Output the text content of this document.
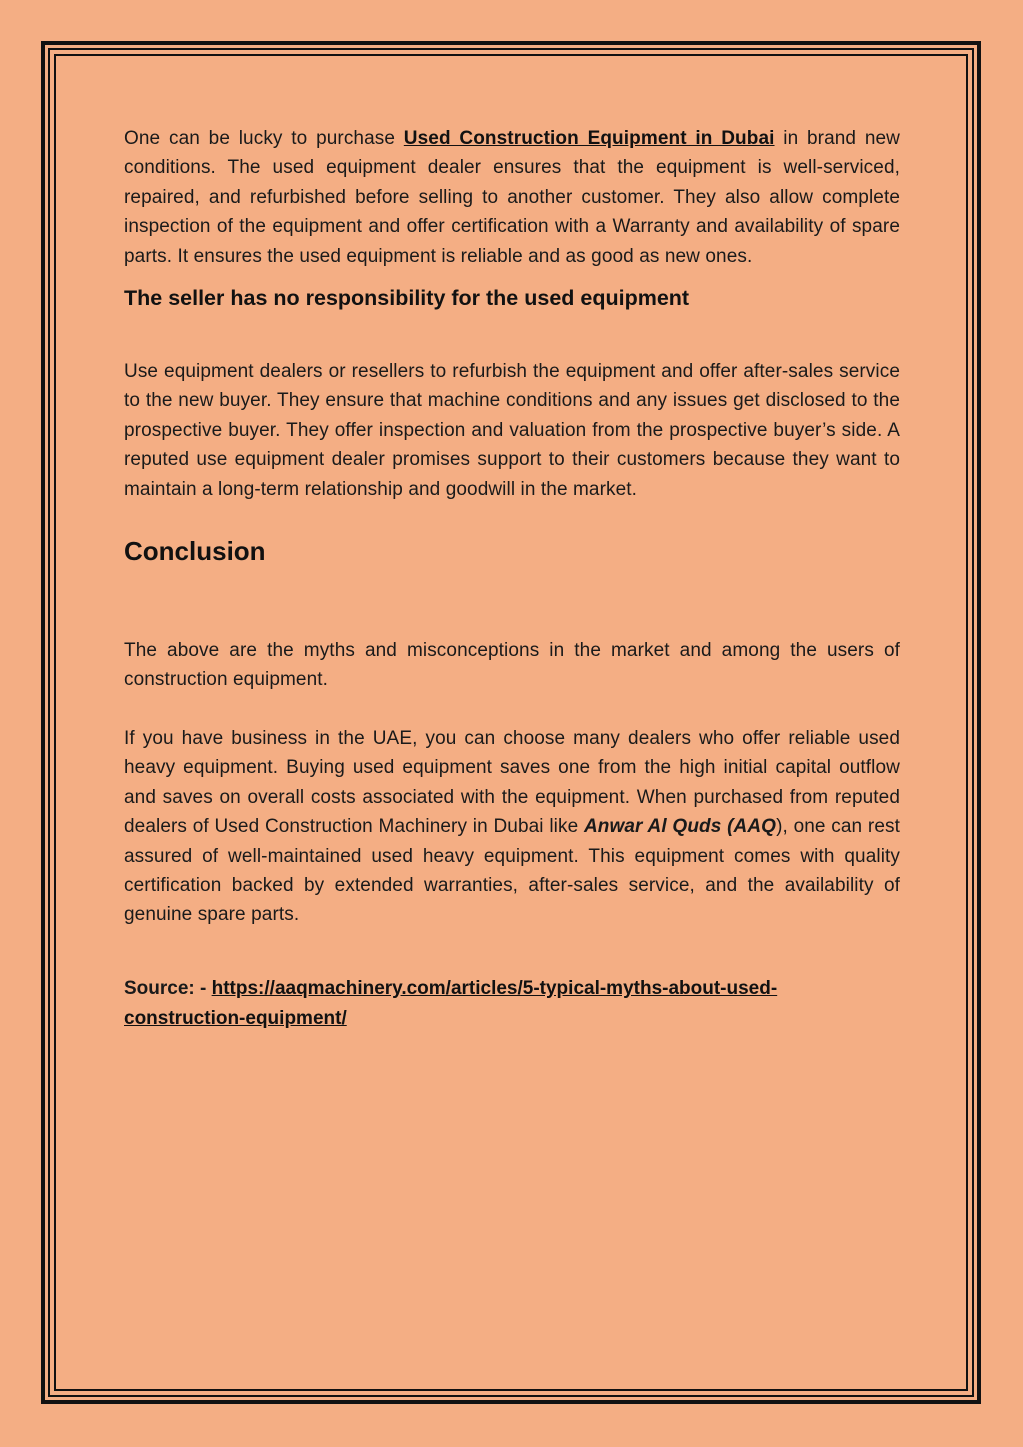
One can be lucky to purchase Used Construction Equipment in Dubai in brand new conditions. The used equipment dealer ensures that the equipment is well-serviced, repaired, and refurbished before selling to another customer. They also allow complete inspection of the equipment and offer certification with a Warranty and availability of spare parts. It ensures the used equipment is reliable and as good as new ones.

The seller has no responsibility for the used equipment

Use equipment dealers or resellers to refurbish the equipment and offer after-sales service to the new buyer. They ensure that machine conditions and any issues get disclosed to the prospective buyer. They offer inspection and valuation from the prospective buyer’s side. A reputed use equipment dealer promises support to their customers because they want to maintain a long-term relationship and goodwill in the market.

Conclusion

The above are the myths and misconceptions in the market and among the users of construction equipment.

If you have business in the UAE, you can choose many dealers who offer reliable used heavy equipment. Buying used equipment saves one from the high initial capital outflow and saves on overall costs associated with the equipment. When purchased from reputed dealers of Used Construction Machinery in Dubai like Anwar Al Quds (AAQ), one can rest assured of well-maintained used heavy equipment. This equipment comes with quality certification backed by extended warranties, after-sales service, and the availability of genuine spare parts.

Source: - https://aaqmachinery.com/articles/5-typical-myths-about-used-
construction-equipment/
